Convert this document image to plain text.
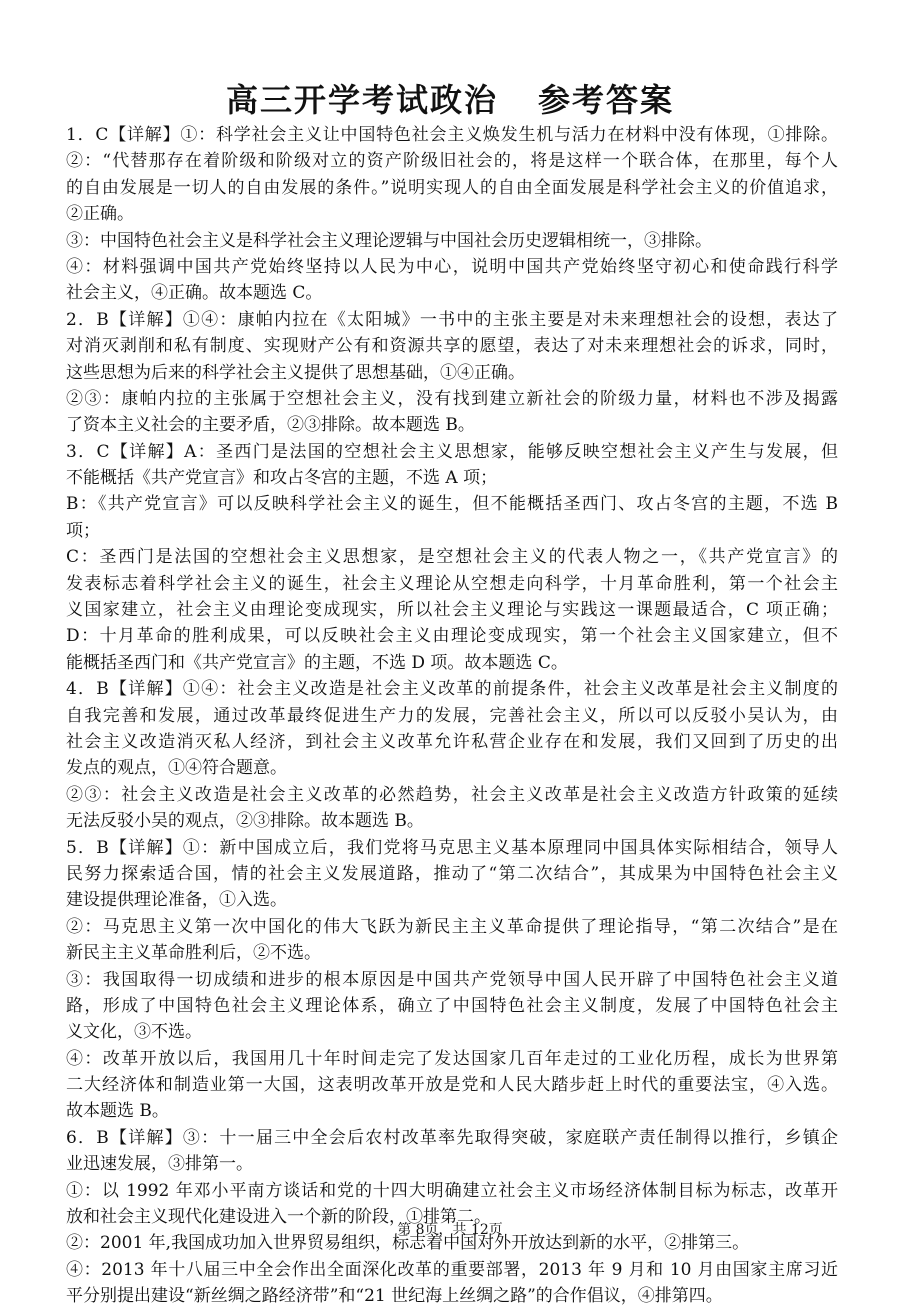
高三开学考试政治 参考答案
1．C【详解】①：科学社会主义让中国特色社会主义焕发生机与活力在材料中没有体现，①排除。
②：“代替那存在着阶级和阶级对立的资产阶级旧社会的，将是这样一个联合体，在那里，每个人
的自由发展是一切人的自由发展的条件。”说明实现人的自由全面发展是科学社会主义的价值追求，
②正确。
③：中国特色社会主义是科学社会主义理论逻辑与中国社会历史逻辑相统一，③排除。
④：材料强调中国共产党始终坚持以人民为中心，说明中国共产党始终坚守初心和使命践行科学
社会主义，④正确。故本题选 C。
2．B【详解】①④：康帕内拉在《太阳城》一书中的主张主要是对未来理想社会的设想，表达了
对消灭剥削和私有制度、实现财产公有和资源共享的愿望，表达了对未来理想社会的诉求，同时，
这些思想为后来的科学社会主义提供了思想基础，①④正确。
②③：康帕内拉的主张属于空想社会主义，没有找到建立新社会的阶级力量，材料也不涉及揭露
了资本主义社会的主要矛盾，②③排除。故本题选 B。
3．C【详解】A：圣西门是法国的空想社会主义思想家，能够反映空想社会主义产生与发展，但
不能概括《共产党宣言》和攻占冬宫的主题，不选 A 项；
B：《共产党宣言》可以反映科学社会主义的诞生，但不能概括圣西门、攻占冬宫的主题，不选 B
项；
C：圣西门是法国的空想社会主义思想家，是空想社会主义的代表人物之一，《共产党宣言》的
发表标志着科学社会主义的诞生，社会主义理论从空想走向科学，十月革命胜利，第一个社会主
义国家建立，社会主义由理论变成现实，所以社会主义理论与实践这一课题最适合，C 项正确；
D：十月革命的胜利成果，可以反映社会主义由理论变成现实，第一个社会主义国家建立，但不
能概括圣西门和《共产党宣言》的主题，不选 D 项。故本题选 C。
4．B【详解】①④：社会主义改造是社会主义改革的前提条件，社会主义改革是社会主义制度的
自我完善和发展，通过改革最终促进生产力的发展，完善社会主义，所以可以反驳小吴认为，由
社会主义改造消灭私人经济，到社会主义改革允许私营企业存在和发展，我们又回到了历史的出
发点的观点，①④符合题意。
②③：社会主义改造是社会主义改革的必然趋势，社会主义改革是社会主义改造方针政策的延续
无法反驳小吴的观点，②③排除。故本题选 B。
5．B【详解】①：新中国成立后，我们党将马克思主义基本原理同中国具体实际相结合，领导人
民努力探索适合国，情的社会主义发展道路，推动了“第二次结合”，其成果为中国特色社会主义
建设提供理论准备，①入选。
②：马克思主义第一次中国化的伟大飞跃为新民主主义革命提供了理论指导，“第二次结合”是在
新民主主义革命胜利后，②不选。
③：我国取得一切成绩和进步的根本原因是中国共产党领导中国人民开辟了中国特色社会主义道
路，形成了中国特色社会主义理论体系，确立了中国特色社会主义制度，发展了中国特色社会主
义文化，③不选。
④：改革开放以后，我国用几十年时间走完了发达国家几百年走过的工业化历程，成长为世界第
二大经济体和制造业第一大国，这表明改革开放是党和人民大踏步赶上时代的重要法宝，④入选。
故本题选 B。
6．B【详解】③：十一届三中全会后农村改革率先取得突破，家庭联产责任制得以推行，乡镇企
业迅速发展，③排第一。
①：以 1992 年邓小平南方谈话和党的十四大明确建立社会主义市场经济体制目标为标志，改革开
放和社会主义现代化建设进入一个新的阶段，①排第二。
②：2001 年,我国成功加入世界贸易组织，标志着中国对外开放达到新的水平，②排第三。
④：2013 年十八届三中全会作出全面深化改革的重要部署，2013 年 9 月和 10 月由国家主席习近
平分别提出建设“新丝绸之路经济带”和“21 世纪海上丝绸之路”的合作倡议，④排第四。
第 8页，共 12页
